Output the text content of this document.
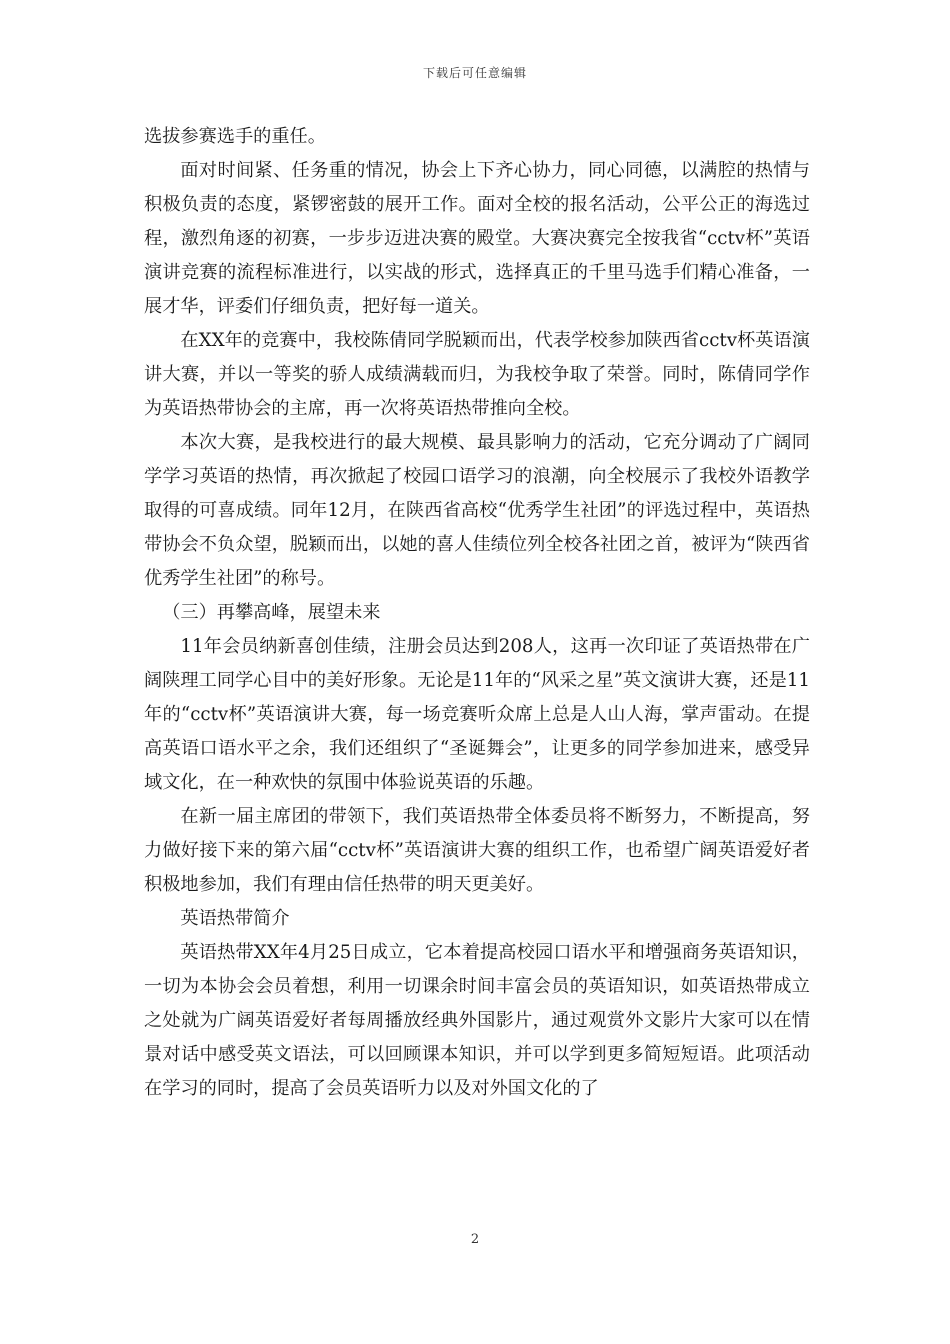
下载后可任意编辑

选拔参赛选手的重任。

面对时间紧、任务重的情况，协会上下齐心协力，同心同德，以满腔的热情与积极负责的态度，紧锣密鼓的展开工作。面对全校的报名活动，公平公正的海选过程，激烈角逐的初赛，一步步迈进决赛的殿堂。大赛决赛完全按我省“cctv杯”英语演讲竞赛的流程标准进行，以实战的形式，选择真正的千里马选手们精心准备，一展才华，评委们仔细负责，把好每一道关。

在XX年的竞赛中，我校陈倩同学脱颖而出，代表学校参加陕西省cctv杯英语演讲大赛，并以一等奖的骄人成绩满载而归，为我校争取了荣誉。同时，陈倩同学作为英语热带协会的主席，再一次将英语热带推向全校。

本次大赛，是我校进行的最大规模、最具影响力的活动，它充分调动了广阔同学学习英语的热情，再次掀起了校园口语学习的浪潮，向全校展示了我校外语教学取得的可喜成绩。同年12月，在陕西省高校“优秀学生社团”的评选过程中，英语热带协会不负众望，脱颖而出，以她的喜人佳绩位列全校各社团之首，被评为“陕西省优秀学生社团”的称号。

（三）再攀高峰，展望未来

11年会员纳新喜创佳绩，注册会员达到208人，这再一次印证了英语热带在广阔陕理工同学心目中的美好形象。无论是11年的“风采之星”英文演讲大赛，还是11年的“cctv杯”英语演讲大赛，每一场竞赛听众席上总是人山人海，掌声雷动。在提高英语口语水平之余，我们还组织了“圣诞舞会”，让更多的同学参加进来，感受异域文化，在一种欢快的氛围中体验说英语的乐趣。

在新一届主席团的带领下，我们英语热带全体委员将不断努力，不断提高，努力做好接下来的第六届“cctv杯”英语演讲大赛的组织工作，也希望广阔英语爱好者积极地参加，我们有理由信任热带的明天更美好。

英语热带简介

英语热带XX年4月25日成立，它本着提高校园口语水平和增强商务英语知识，一切为本协会会员着想，利用一切课余时间丰富会员的英语知识，如英语热带成立之处就为广阔英语爱好者每周播放经典外国影片，通过观赏外文影片大家可以在情景对话中感受英文语法，可以回顾课本知识，并可以学到更多简短短语。此项活动在学习的同时，提高了会员英语听力以及对外国文化的了

2
